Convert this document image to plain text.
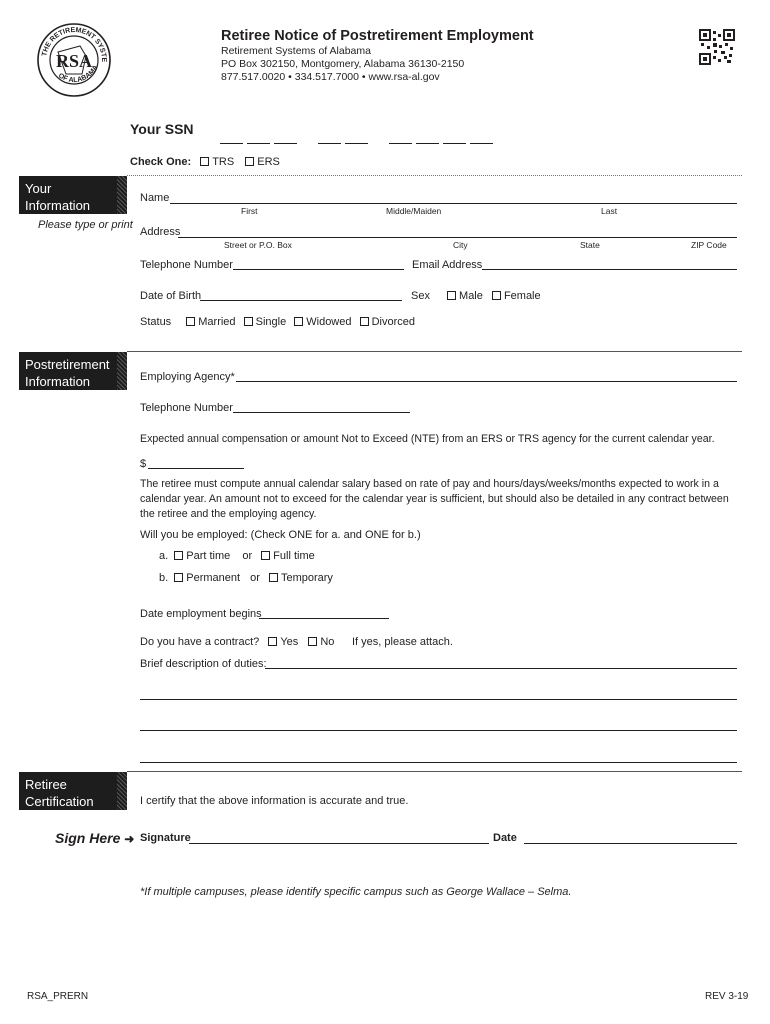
RSA
THE RETIREMENT SYSTE
OF ALABAMA
Retiree Notice of Postretirement Employment
Retirement Systems of Alabama
PO Box 302150, Montgomery, Alabama 36130-2150
877.517.0020 • 334.517.7000 • www.rsa-al.gov
Your SSN
Check One: TRS ERS
Your
Information
Please type or print
Name
First	Middle/Maiden	Last
Address
Street or P.O. Box	City	State	ZIP Code
Telephone Number	Email Address
Date of Birth	Sex	Male Female
Status Married Single Widowed Divorced
Postretirement
Information	Employing Agency*
Telephone Number
Expected annual compensation or amount Not to Exceed (NTE) from an ERS or TRS agency for the current calendar year.
$
The retiree must compute annual calendar salary based on rate of pay and hours/days/weeks/months expected to work in a calendar year. An amount not to exceed for the calendar year is sufficient, but should also be detailed in any contract between the retiree and the employing agency.
Will you be employed: (Check ONE for a. and ONE for b.)
a. Part time or Full time
b. Permanent or Temporary
Date employment begins
Do you have a contract? Yes No If yes, please attach.
Brief description of duties:
Retiree
Certification	I certify that the above information is accurate and true.
Sign Here ➜ Signature	Date
*If multiple campuses, please identify specific campus such as George Wallace – Selma.
RSA_PRERN	REV 3-19
